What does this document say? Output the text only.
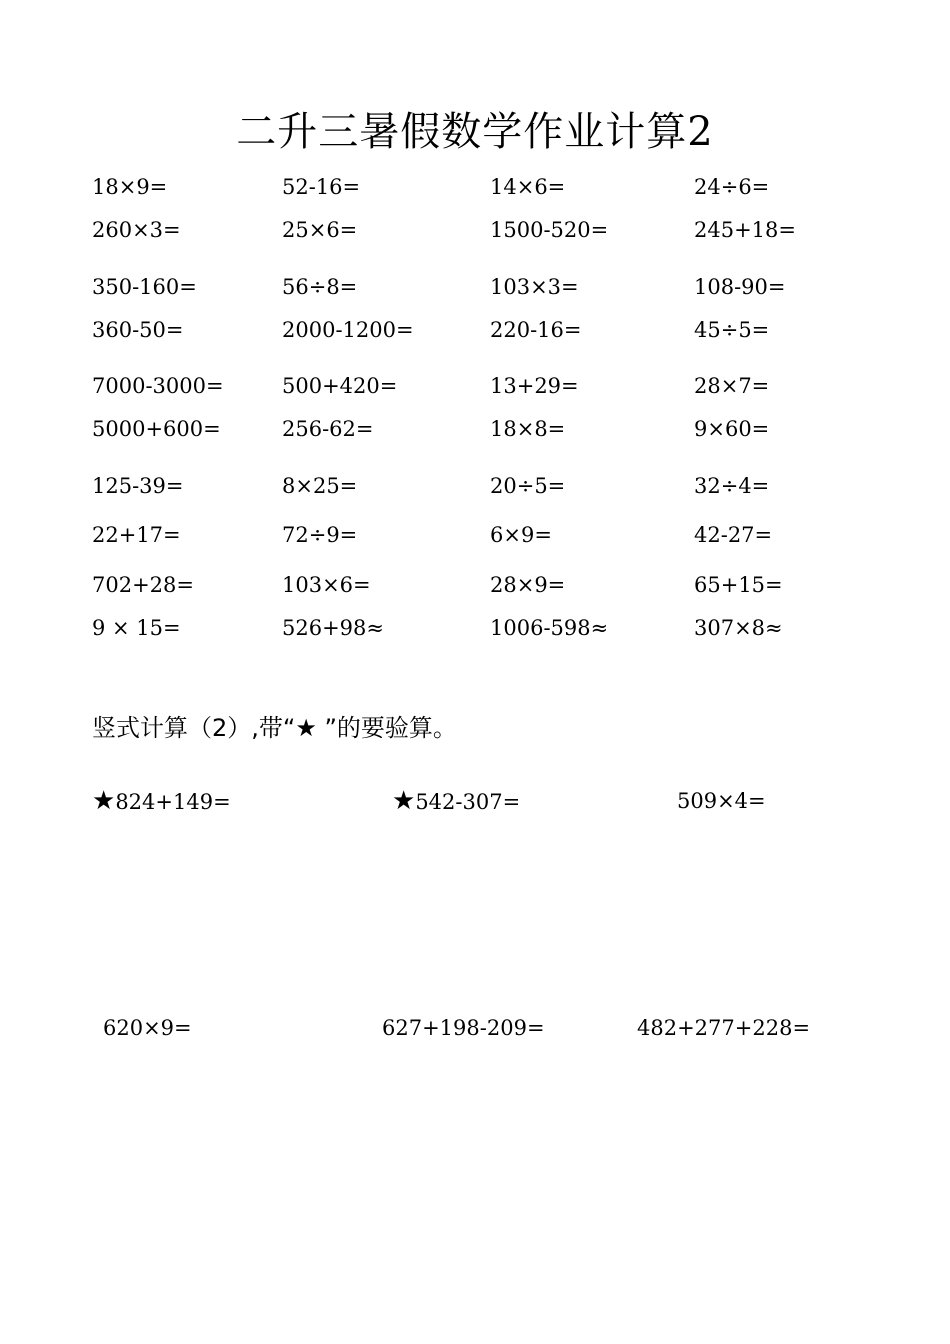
二升三暑假数学作业计算2
18×9=	52-16=	14×6=	24÷6=
260×3=	25×6=	1500-520=	245+18=
350-160=	56÷8=	103×3=	108-90=
360-50=	2000-1200=	220-16=	45÷5=
7000-3000=	500+420=	13+29=	28×7=
5000+600=	256-62=	18×8=	9×60=
125-39=	8×25=	20÷5=	32÷4=
22+17=	72÷9=	6×9=	42-27=
702+28=	103×6=	28×9=	65+15=
9 × 15=	526+98≈	1006-598≈	307×8≈
竖式计算（2）,带“★ ”的要验算。
★824+149=	★542-307=	509×4=
620×9=	627+198-209=	482+277+228=
